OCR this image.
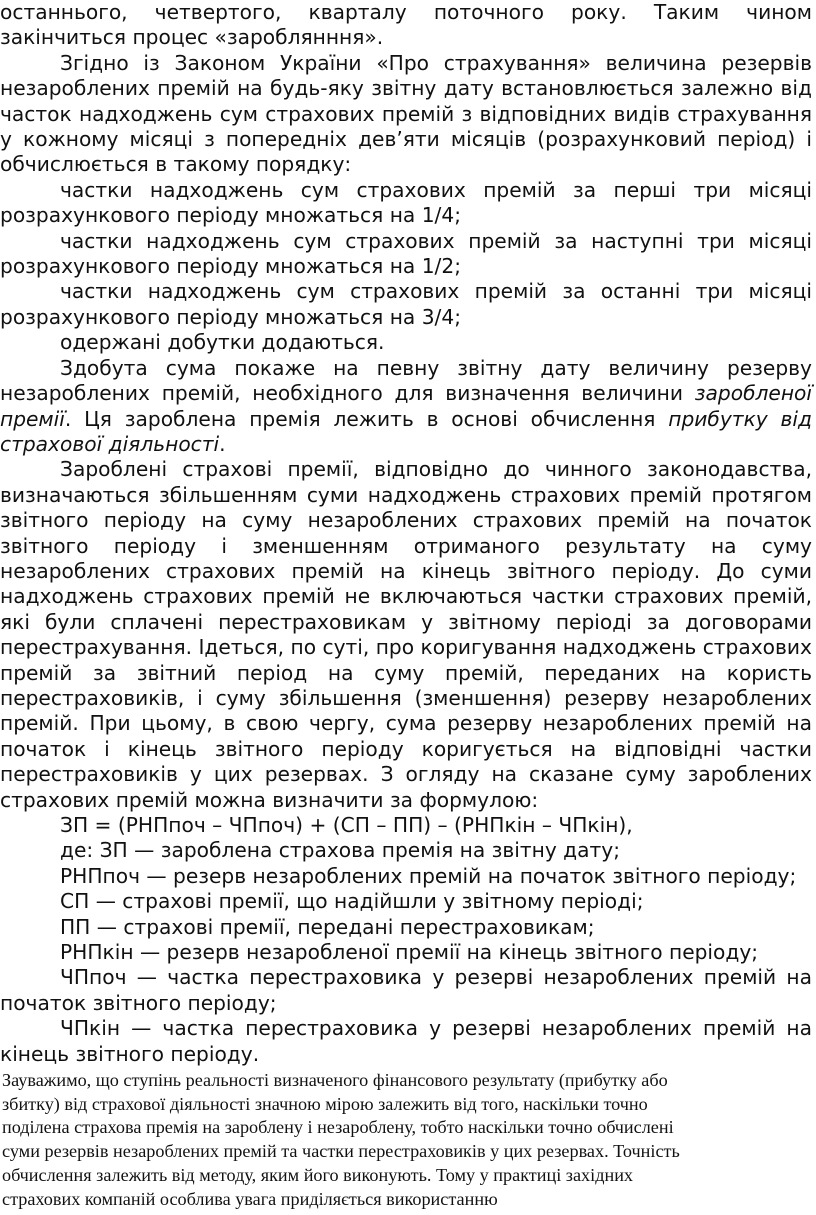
останнього, четвертого, кварталу поточного року. Таким чином закінчиться процес «зароблянння».

Згідно із Законом України «Про страхування» величина резервів незароблених премій на будь-яку звітну дату встановлюється залежно від часток надходжень сум страхових премій з відповідних видів страхування у кожному місяці з попередніх дев’яти місяців (розрахунковий період) і обчислюється в такому порядку:

частки надходжень сум страхових премій за перші три місяці розрахункового періоду множаться на 1/4;

частки надходжень сум страхових премій за наступні три місяці розрахункового періоду множаться на 1/2;

частки надходжень сум страхових премій за останні три місяці розрахункового періоду множаться на 3/4;

одержані добутки додаються.

Здобута сума покаже на певну звітну дату величину резерву незароблених премій, необхідного для визначення величини заробленої премії. Ця зароблена премія лежить в основі обчислення прибутку від страхової діяльності.

Зароблені страхові премії, відповідно до чинного законодавства, визначаються збільшенням суми надходжень страхових премій протягом звітного періоду на суму незароблених страхових премій на початок звітного періоду і зменшенням отриманого результату на суму незароблених страхових премій на кінець звітного періоду. До суми надходжень страхових премій не включаються частки страхових премій, які були сплачені перестраховикам у звітному періоді за договорами перестрахування. Ідеться, по суті, про коригування надходжень страхових премій за звітний період на суму премій, переданих на користь перестраховиків, і суму збільшення (зменшення) резерву незароблених премій. При цьому, в свою чергу, сума резерву незароблених премій на початок і кінець звітного періоду коригується на відповідні частки перестраховиків у цих резервах. З огляду на сказане суму зароблених страхових премій можна визначити за формулою:

ЗП = (РНПпоч – ЧПпоч) + (СП – ПП) – (РНПкін – ЧПкін),

де: ЗП — зароблена страхова премія на звітну дату;

РНПпоч — резерв незароблених премій на початок звітного періоду;

СП — страхові премії, що надійшли у звітному періоді;

ПП — страхові премії, передані перестраховикам;

РНПкін — резерв незаробленої премії на кінець звітного періоду;

ЧПпоч — частка перестраховика у резерві незароблених премій на початок звітного періоду;

ЧПкін — частка перестраховика у резерві незароблених премій на кінець звітного періоду.

Зауважимо, що ступінь реальності визначеного фінансового результату (прибутку або

збитку) від страхової діяльності значною мірою залежить від того, наскільки точно

поділена страхова премія на зароблену і незароблену, тобто наскільки точно обчислені

суми резервів незароблених премій та частки перестраховиків у цих резервах. Точність

обчислення залежить від методу, яким його виконують. Тому у практиці західних

страхових компаній особлива увага приділяється використанню
